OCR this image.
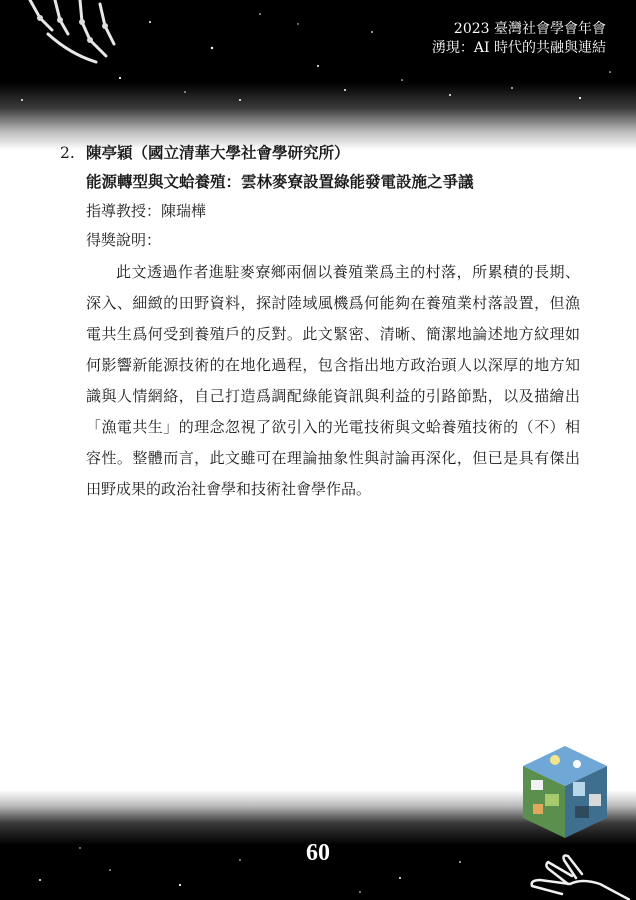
2023 臺灣社會學會年會
湧現：AI 時代的共融與連結

2. 陳亭穎（國立清華大學社會學研究所）

能源轉型與文蛤養殖：雲林麥寮設置綠能發電設施之爭議

指導教授：陳瑞樺

得獎說明：

此文透過作者進駐麥寮鄉兩個以養殖業爲主的村落，所累積的長期、深入、細緻的田野資料，探討陸域風機爲何能夠在養殖業村落設置，但漁電共生爲何受到養殖戶的反對。此文緊密、清晰、簡潔地論述地方紋理如何影響新能源技術的在地化過程，包含指出地方政治頭人以深厚的地方知識與人情網絡，自己打造爲調配綠能資訊與利益的引路節點，以及描繪出「漁電共生」的理念忽視了欲引入的光電技術與文蛤養殖技術的（不）相容性。整體而言，此文雖可在理論抽象性與討論再深化，但已是具有傑出田野成果的政治社會學和技術社會學作品。

60
